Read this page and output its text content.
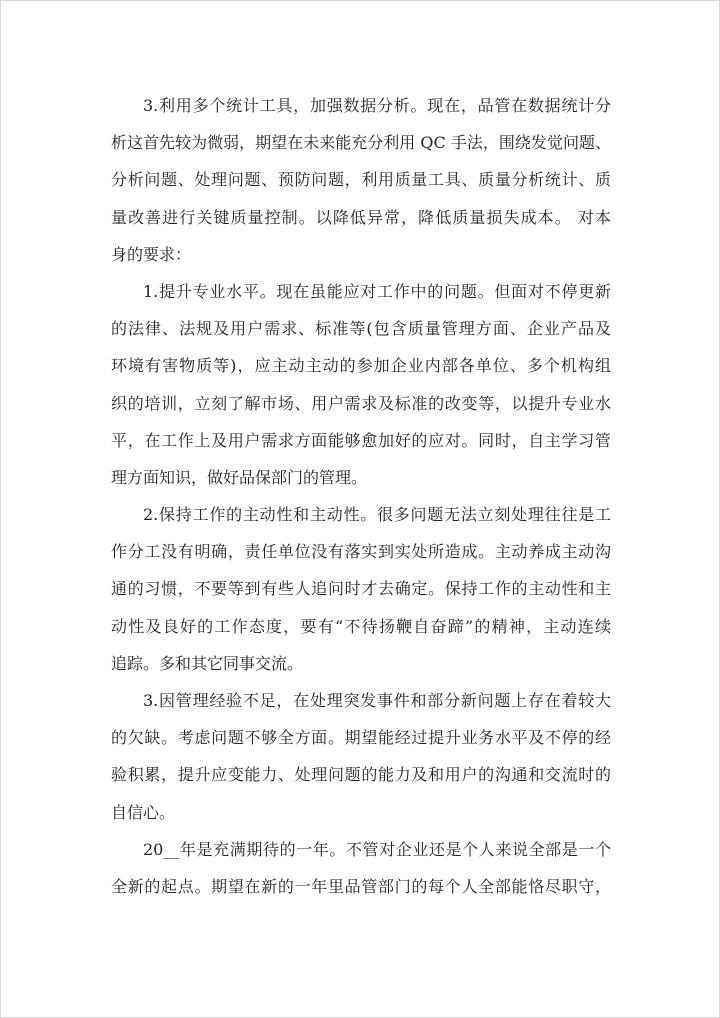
3.利用多个统计工具，加强数据分析。现在，品管在数据统计分
析这首先较为微弱，期望在未来能充分利用 QC 手法，围绕发觉问题、
分析问题、处理问题、预防问题，利用质量工具、质量分析统计、质
量改善进行关键质量控制。以降低异常，降低质量损失成本。 对本
身的要求：
1.提升专业水平。现在虽能应对工作中的问题。但面对不停更新
的法律、法规及用户需求、标准等(包含质量管理方面、企业产品及
环境有害物质等)，应主动主动的参加企业内部各单位、多个机构组
织的培训，立刻了解市场、用户需求及标准的改变等，以提升专业水
平，在工作上及用户需求方面能够愈加好的应对。同时，自主学习管
理方面知识，做好品保部门的管理。
2.保持工作的主动性和主动性。很多问题无法立刻处理往往是工
作分工没有明确，责任单位没有落实到实处所造成。主动养成主动沟
通的习惯，不要等到有些人追问时才去确定。保持工作的主动性和主
动性及良好的工作态度，要有“不待扬鞭自奋蹄”的精神，主动连续
追踪。多和其它同事交流。
3.因管理经验不足，在处理突发事件和部分新问题上存在着较大
的欠缺。考虑问题不够全方面。期望能经过提升业务水平及不停的经
验积累，提升应变能力、处理问题的能力及和用户的沟通和交流时的
自信心。
20__年是充满期待的一年。不管对企业还是个人来说全部是一个
全新的起点。期望在新的一年里品管部门的每个人全部能恪尽职守，
